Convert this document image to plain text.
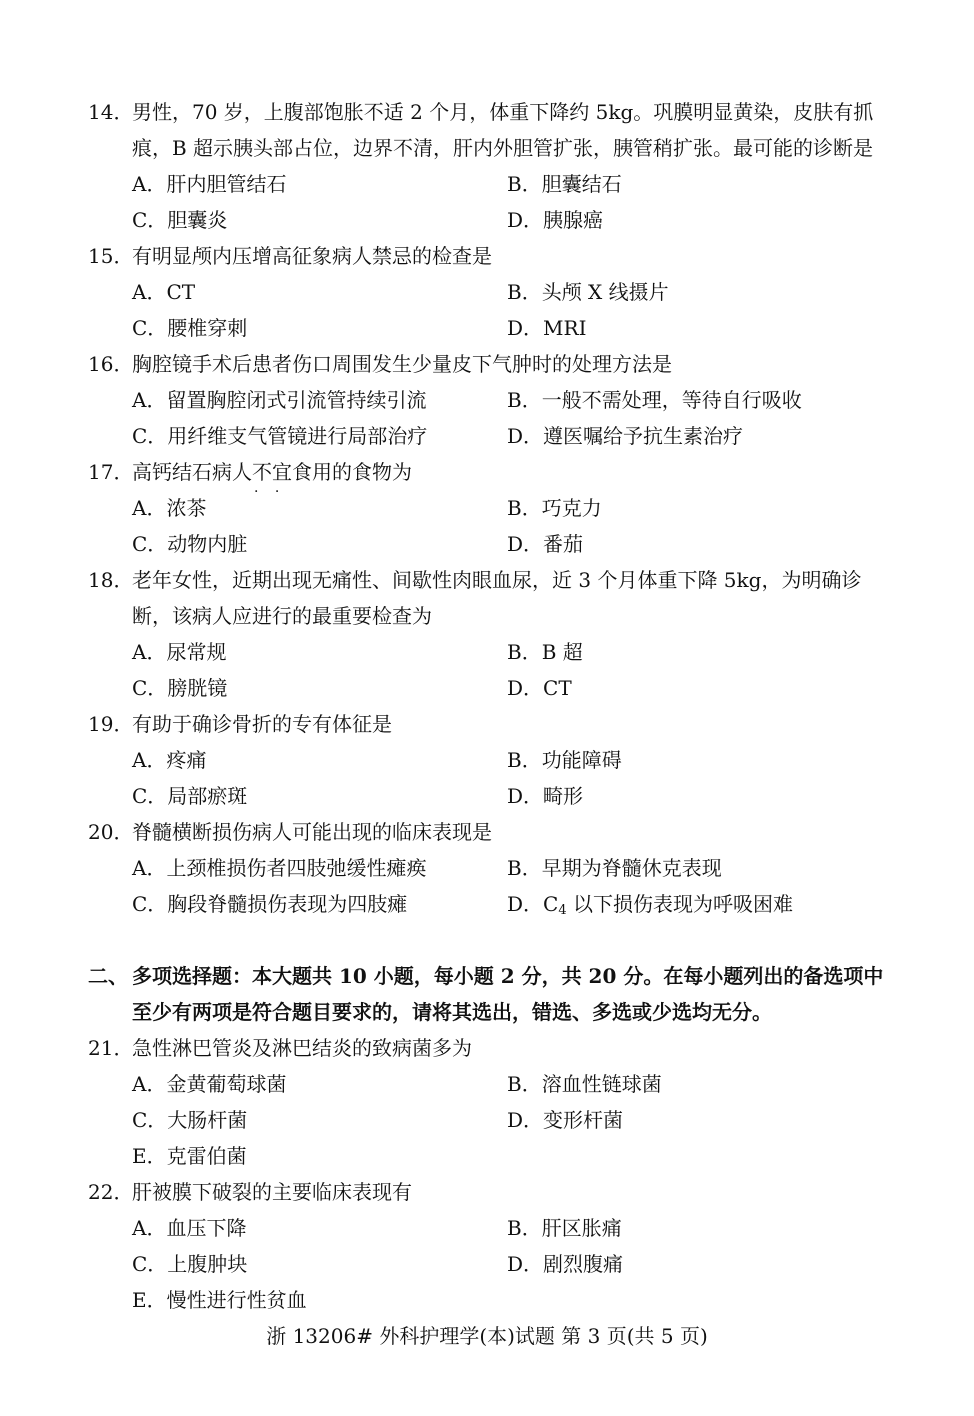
14．
男性，70 岁，上腹部饱胀不适 2 个月，体重下降约 5kg。巩膜明显黄染，皮肤有抓
痕，B 超示胰头部占位，边界不清，肝内外胆管扩张，胰管稍扩张。最可能的诊断是
A．肝内胆管结石	B．胆囊结石
C．胆囊炎	D．胰腺癌
15．
有明显颅内压增高征象病人禁忌的检查是
A．CT	B．头颅 X 线摄片
C．腰椎穿刺	D．MRI
16．
胸腔镜手术后患者伤口周围发生少量皮下气肿时的处理方法是
A．留置胸腔闭式引流管持续引流	B．一般不需处理，等待自行吸收
C．用纤维支气管镜进行局部治疗	D．遵医嘱给予抗生素治疗
17．
高钙结石病人不宜 · ·食用的食物为
A．浓茶	B．巧克力
C．动物内脏	D．番茄
18．
老年女性，近期出现无痛性、间歇性肉眼血尿，近 3 个月体重下降 5kg，为明确诊
断，该病人应进行的最重要检查为
A．尿常规	B．B 超
C．膀胱镜	D．CT
19．
有助于确诊骨折的专有体征是
A．疼痛	B．功能障碍
C．局部瘀斑	D．畸形
20．
脊髓横断损伤病人可能出现的临床表现是
A．上颈椎损伤者四肢弛缓性瘫痪	B．早期为脊髓休克表现
C．胸段脊髓损伤表现为四肢瘫	D．$C_4$ 以下损伤表现为呼吸困难
二、 多项选择题：本大题共 10 小题，每小题 2 分，共 20 分。在每小题列出的备选项中
至少有两项是符合题目要求的，请将其选出，错选、多选或少选均无分。
21．
急性淋巴管炎及淋巴结炎的致病菌多为
A．金黄葡萄球菌	B．溶血性链球菌
C．大肠杆菌	D．变形杆菌
E．克雷伯菌
22．
肝被膜下破裂的主要临床表现有
A．血压下降	B．肝区胀痛
C．上腹肿块	D．剧烈腹痛
E．慢性进行性贫血
浙 13206# 外科护理学(本)试题 第 3 页(共 5 页)
